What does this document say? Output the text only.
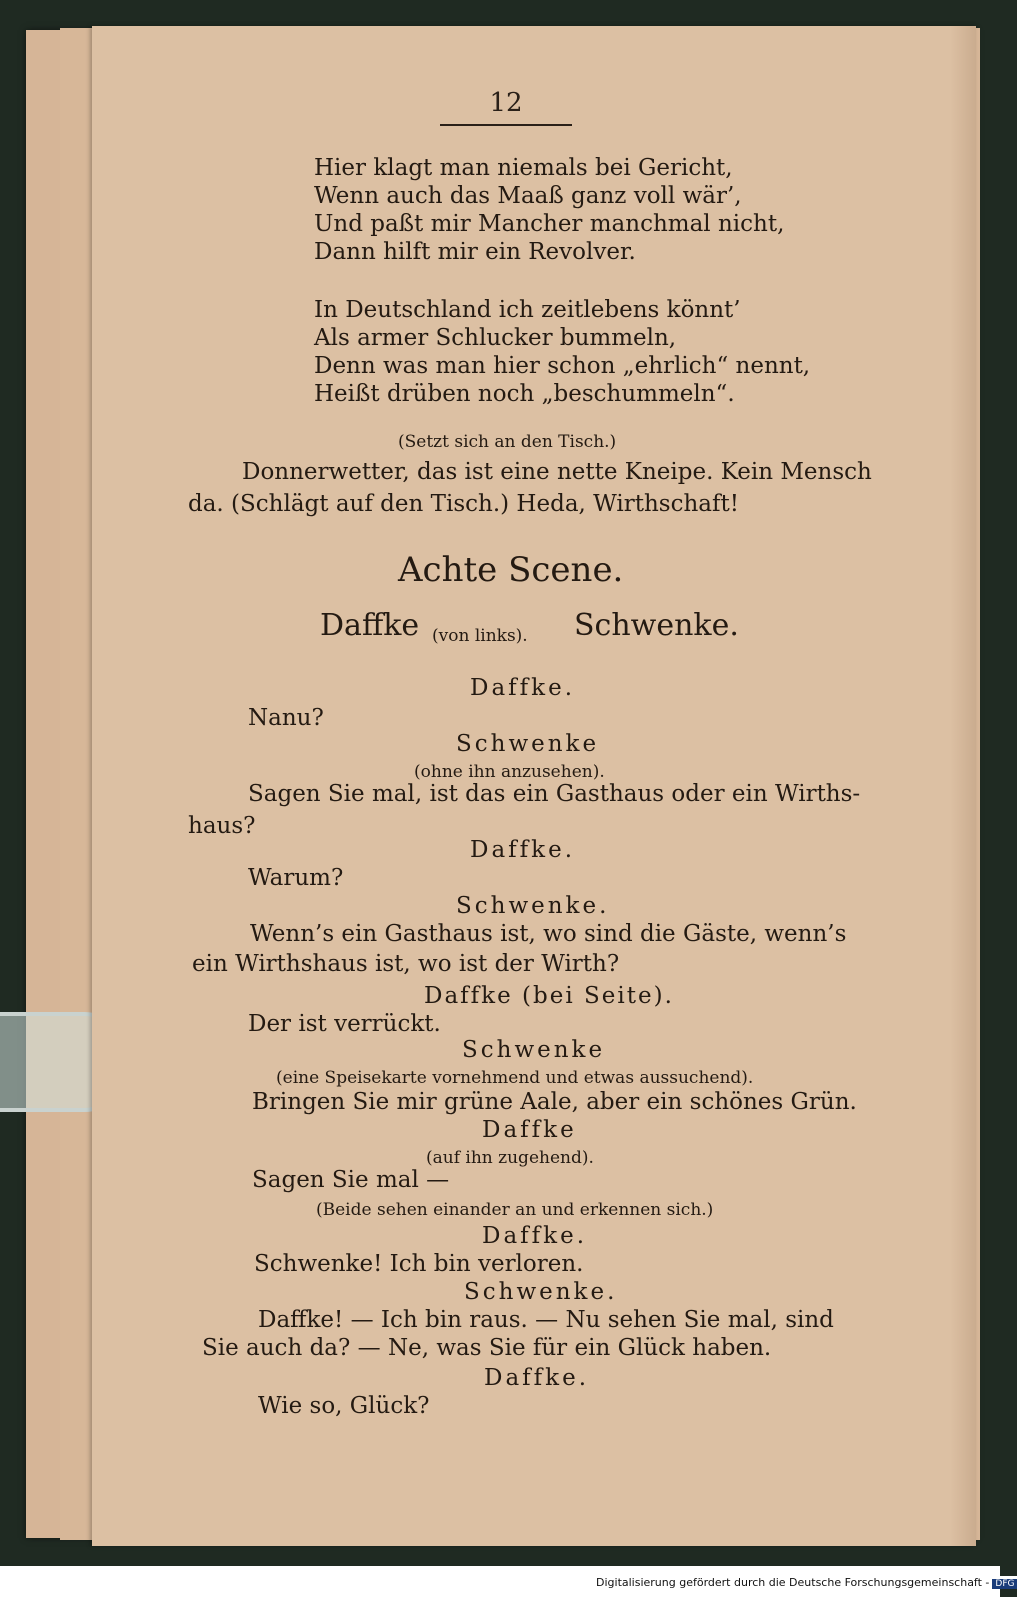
12

Hier klagt man niemals bei Gericht,

Wenn auch das Maaß ganz voll wär’,

Und paßt mir Mancher manchmal nicht,

Dann hilft mir ein Revolver.

In Deutschland ich zeitlebens könnt’

Als armer Schlucker bummeln,

Denn was man hier schon „ehrlich“ nennt,

Heißt drüben noch „beschummeln“.

(Setzt sich an den Tisch.)

Donnerwetter, das ist eine nette Kneipe. Kein Mensch

da. (Schlägt auf den Tisch.) Heda, Wirthschaft!

Achte Scene.

Daffke (von links). Schwenke.

Daffke.

Nanu?

Schwenke

(ohne ihn anzusehen).

Sagen Sie mal, ist das ein Gasthaus oder ein Wirths-

haus?

Daffke.

Warum?

Schwenke.

Wenn’s ein Gasthaus ist, wo sind die Gäste, wenn’s

ein Wirthshaus ist, wo ist der Wirth?

Daffke (bei Seite).

Der ist verrückt.

Schwenke

(eine Speisekarte vornehmend und etwas aussuchend).

Bringen Sie mir grüne Aale, aber ein schönes Grün.

Daffke

(auf ihn zugehend).

Sagen Sie mal —

(Beide sehen einander an und erkennen sich.)

Daffke.

Schwenke! Ich bin verloren.

Schwenke.

Daffke! — Ich bin raus. — Nu sehen Sie mal, sind

Sie auch da? — Ne, was Sie für ein Glück haben.

Daffke.

Wie so, Glück?

Digitalisierung gefördert durch die Deutsche Forschungsgemeinschaft - DFG
